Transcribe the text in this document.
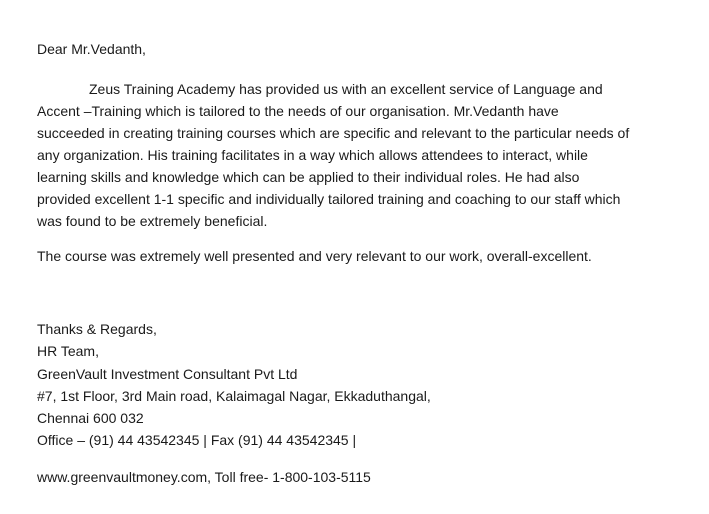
Dear Mr.Vedanth,
Zeus Training Academy has provided us with an excellent service of Language and
Accent –Training which is tailored to the needs of our organisation. Mr.Vedanth have
succeeded in creating training courses which are specific and relevant to the particular needs of
any organization. His training facilitates in a way which allows attendees to interact, while
learning skills and knowledge which can be applied to their individual roles. He had also
provided excellent 1-1 specific and individually tailored training and coaching to our staff which
was found to be extremely beneficial.
The course was extremely well presented and very relevant to our work, overall-excellent.
Thanks & Regards,
HR Team,
GreenVault Investment Consultant Pvt Ltd
#7, 1st Floor, 3rd Main road, Kalaimagal Nagar, Ekkaduthangal,
Chennai 600 032
Office – (91) 44 43542345 | Fax (91) 44 43542345 |
www.greenvaultmoney.com, Toll free- 1-800-103-5115
